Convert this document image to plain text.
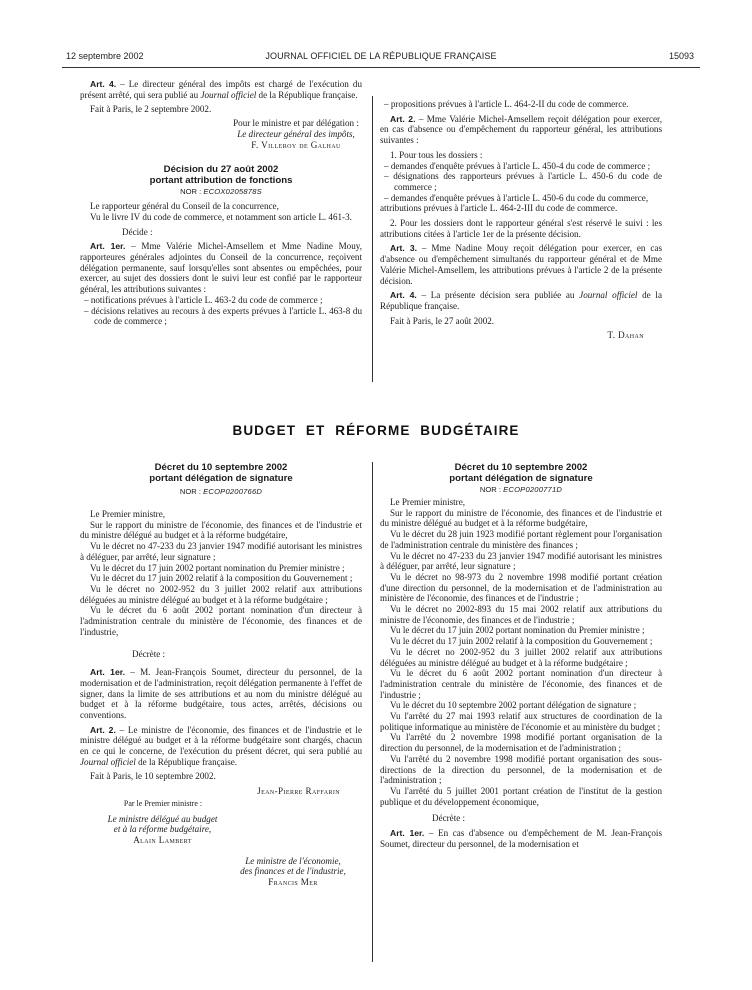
12 septembre 2002	JOURNAL OFFICIEL DE LA RÉPUBLIQUE FRANÇAISE	15093

Art. 4. – Le directeur général des impôts est chargé de l'exécution du présent arrêté, qui sera publié au Journal officiel de la République française.

Fait à Paris, le 2 septembre 2002.

Pour le ministre et par délégation :

Le directeur général des impôts,

F. Villeroy de Galhau

Décision du 27 août 2002

portant attribution de fonctions

NOR : ECOX0205878S

Le rapporteur général du Conseil de la concurrence,

Vu le livre IV du code de commerce, et notamment son article L. 461-3.

Décide :

Art. 1er. – Mme Valérie Michel-Amsellem et Mme Nadine Mouy, rapporteures générales adjointes du Conseil de la concurrence, reçoivent délégation permanente, sauf lorsqu'elles sont absentes ou empêchées, pour exercer, au sujet des dossiers dont le suivi leur est confié par le rapporteur général, les attributions suivantes :

– notifications prévues à l'article L. 463-2 du code de commerce ;

– décisions relatives au recours à des experts prévues à l'article L. 463-8 du code de commerce ;

– propositions prévues à l'article L. 464-2-II du code de commerce.

Art. 2. – Mme Valérie Michel-Amsellem reçoit délégation pour exercer, en cas d'absence ou d'empêchement du rapporteur général, les attributions suivantes :

1. Pour tous les dossiers :

– demandes d'enquête prévues à l'article L. 450-4 du code de commerce ;

– désignations des rapporteurs prévues à l'article L. 450-6 du code de commerce ;

– demandes d'enquête prévues à l'article L. 450-6 du code du commerce,

attributions prévues à l'article L. 464-2-III du code de commerce.

2. Pour les dossiers dont le rapporteur général s'est réservé le suivi : les attributions citées à l'article 1er de la présente décision.

Art. 3. – Mme Nadine Mouy reçoit délégation pour exercer, en cas d'absence ou d'empêchement simultanés du rapporteur général et de Mme Valérie Michel-Amsellem, les attributions prévues à l'article 2 de la présente décision.

Art. 4. – La présente décision sera publiée au Journal officiel de la République française.

Fait à Paris, le 27 août 2002.

T. Dahan

BUDGET ET RÉFORME BUDGÉTAIRE

Décret du 10 septembre 2002

portant délégation de signature

NOR : ECOP0200766D

Le Premier ministre,

Sur le rapport du ministre de l'économie, des finances et de l'industrie et du ministre délégué au budget et à la réforme budgétaire,

Vu le décret no 47-233 du 23 janvier 1947 modifié autorisant les ministres à déléguer, par arrêté, leur signature ;

Vu le décret du 17 juin 2002 portant nomination du Premier ministre ;

Vu le décret du 17 juin 2002 relatif à la composition du Gouvernement ;

Vu le décret no 2002-952 du 3 juillet 2002 relatif aux attributions déléguées au ministre délégué au budget et à la réforme budgétaire ;

Vu le décret du 6 août 2002 portant nomination d'un directeur à l'administration centrale du ministère de l'économie, des finances et de l'industrie,

Décrète :

Art. 1er. – M. Jean-François Soumet, directeur du personnel, de la modernisation et de l'administration, reçoit délégation permanente à l'effet de signer, dans la limite de ses attributions et au nom du ministre délégué au budget et à la réforme budgétaire, tous actes, arrêtés, décisions ou conventions.

Art. 2. – Le ministre de l'économie, des finances et de l'industrie et le ministre délégué au budget et à la réforme budgétaire sont chargés, chacun en ce qui le concerne, de l'exécution du présent décret, qui sera publié au Journal officiel de la République française.

Fait à Paris, le 10 septembre 2002.

Jean-Pierre Raffarin

Par le Premier ministre :

Le ministre délégué au budget

et à la réforme budgétaire,

Alain Lambert

Le ministre de l'économie,

des finances et de l'industrie,

Francis Mer

Décret du 10 septembre 2002

portant délégation de signature

NOR : ECOP0200771D

Le Premier ministre,

Sur le rapport du ministre de l'économie, des finances et de l'industrie et du ministre délégué au budget et à la réforme budgétaire,

Vu le décret du 28 juin 1923 modifié portant règlement pour l'organisation de l'administration centrale du ministère des finances ;

Vu le décret no 47-233 du 23 janvier 1947 modifié autorisant les ministres à déléguer, par arrêté, leur signature ;

Vu le décret no 98-973 du 2 novembre 1998 modifié portant création d'une direction du personnel, de la modernisation et de l'administration au ministère de l'économie, des finances et de l'industrie ;

Vu le décret no 2002-893 du 15 mai 2002 relatif aux attributions du ministre de l'économie, des finances et de l'industrie ;

Vu le décret du 17 juin 2002 portant nomination du Premier ministre ;

Vu le décret du 17 juin 2002 relatif à la composition du Gouvernement ;

Vu le décret no 2002-952 du 3 juillet 2002 relatif aux attributions déléguées au ministre délégué au budget et à la réforme budgétaire ;

Vu le décret du 6 août 2002 portant nomination d'un directeur à l'administration centrale du ministère de l'économie, des finances et de l'industrie ;

Vu le décret du 10 septembre 2002 portant délégation de signature ;

Vu l'arrêté du 27 mai 1993 relatif aux structures de coordination de la politique informatique au ministère de l'économie et au ministère du budget ;

Vu l'arrêté du 2 novembre 1998 modifié portant organisation de la direction du personnel, de la modernisation et de l'administration ;

Vu l'arrêté du 2 novembre 1998 modifié portant organisation des sous-directions de la direction du personnel, de la modernisation et de l'administration ;

Vu l'arrêté du 5 juillet 2001 portant création de l'institut de la gestion publique et du développement économique,

Décrète :

Art. 1er. – En cas d'absence ou d'empêchement de M. Jean-François Soumet, directeur du personnel, de la modernisation et
